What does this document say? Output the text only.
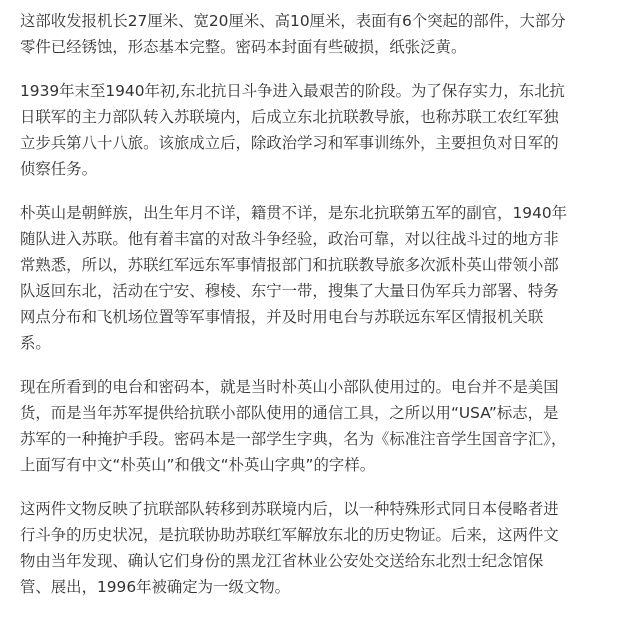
这部收发报机长27厘米、宽20厘米、高10厘米，表面有6个突起的部件，大部分零件已经锈蚀，形态基本完整。密码本封面有些破损，纸张泛黄。

1939年末至1940年初,东北抗日斗争进入最艰苦的阶段。为了保存实力，东北抗日联军的主力部队转入苏联境内，后成立东北抗联教导旅，也称苏联工农红军独立步兵第八十八旅。该旅成立后，除政治学习和军事训练外，主要担负对日军的侦察任务。

朴英山是朝鲜族，出生年月不详，籍贯不详，是东北抗联第五军的副官，1940年随队进入苏联。他有着丰富的对敌斗争经验，政治可靠，对以往战斗过的地方非常熟悉，所以，苏联红军远东军事情报部门和抗联教导旅多次派朴英山带领小部队返回东北，活动在宁安、穆棱、东宁一带，搜集了大量日伪军兵力部署、特务网点分布和飞机场位置等军事情报，并及时用电台与苏联远东军区情报机关联系。

现在所看到的电台和密码本，就是当时朴英山小部队使用过的。电台并不是美国货，而是当年苏军提供给抗联小部队使用的通信工具，之所以用“USA”标志，是苏军的一种掩护手段。密码本是一部学生字典，名为《标准注音学生国音字汇》，上面写有中文“朴英山”和俄文“朴英山字典”的字样。

这两件文物反映了抗联部队转移到苏联境内后，以一种特殊形式同日本侵略者进行斗争的历史状况，是抗联协助苏联红军解放东北的历史物证。后来，这两件文物由当年发现、确认它们身份的黑龙江省林业公安处交送给东北烈士纪念馆保管、展出，1996年被确定为一级文物。
